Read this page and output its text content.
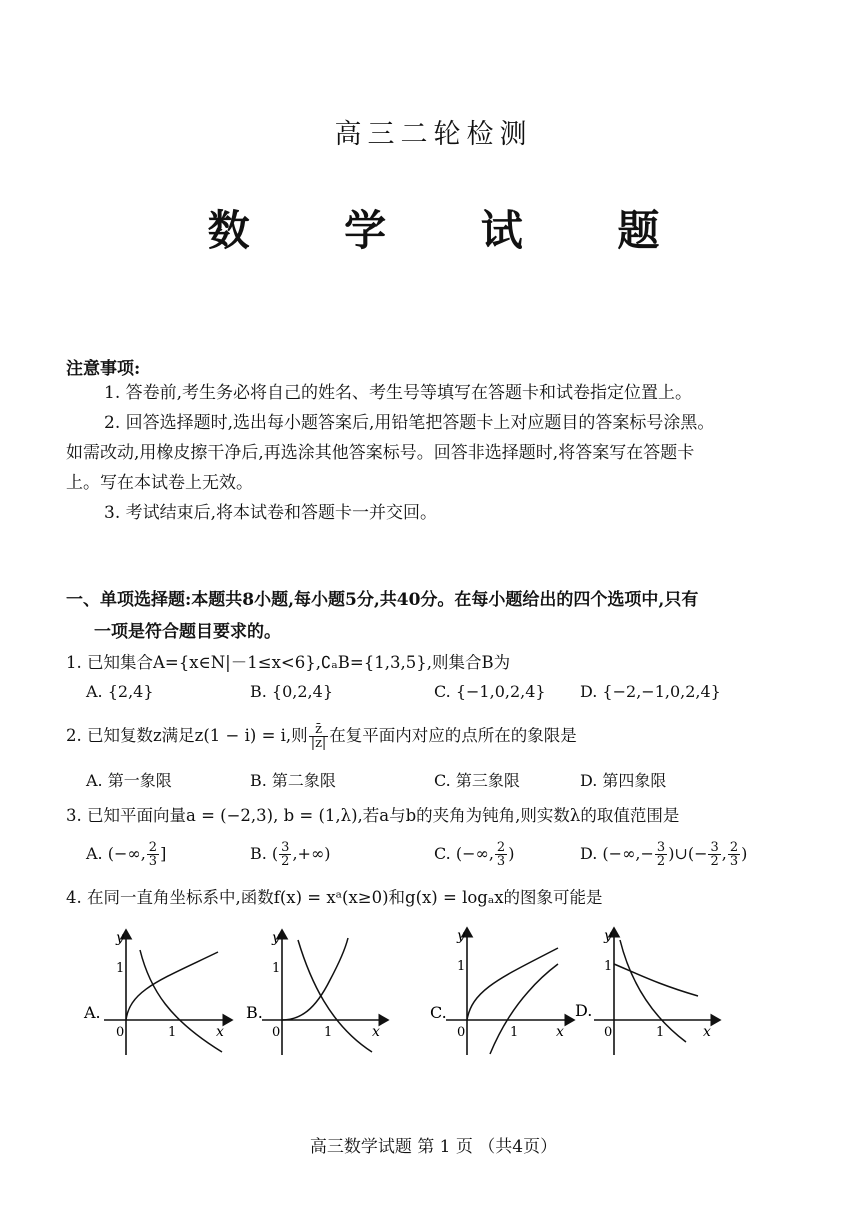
高三二轮检测
数 学 试 题
注意事项:
1. 答卷前,考生务必将自己的姓名、考生号等填写在答题卡和试卷指定位置上。
2. 回答选择题时,选出每小题答案后,用铅笔把答题卡上对应题目的答案标号涂黑。
如需改动,用橡皮擦干净后,再选涂其他答案标号。回答非选择题时,将答案写在答题卡
上。写在本试卷上无效。
3. 考试结束后,将本试卷和答题卡一并交回。
一、单项选择题:本题共8小题,每小题5分,共40分。在每小题给出的四个选项中,只有
一项是符合题目要求的。
1. 已知集合A={x∈N|－1≤x<6},∁ₐB={1,3,5},则集合B为
A. {2,4}	B. {0,2,4}	C. {−1,0,2,4} D. {−2,−1,0,2,4}
2. 已知复数z满足z(1 − i) = i,则 $\frac{z̄}{|z|}$ 在复平面内对应的点所在的象限是
A. 第一象限	B. 第二象限	C. 第三象限	D. 第四象限
3. 已知平面向量a = (−2,3), b = (1,λ),若a与b的夹角为钝角,则实数λ的取值范围是
A. (−∞, $\frac{2}{3}$ ]	B. ( $\frac{3}{2}$ ,+∞)	C. (−∞, $\frac{2}{3}$ )	D. (−∞,− $\frac{3}{2}$ )∪(− $\frac{3}{2}$ , $\frac{2}{3}$ )
4. 在同一直角坐标系中,函数f(x) = xᵃ(x≥0)和g(x) = logₐx的图象可能是
A.
y
x
0	1
1
B.
y
x
0	1
1
C.
y
x
0	1
1
D.
y
x
0	1
1
高三数学试题 第 1 页 （共4页）
